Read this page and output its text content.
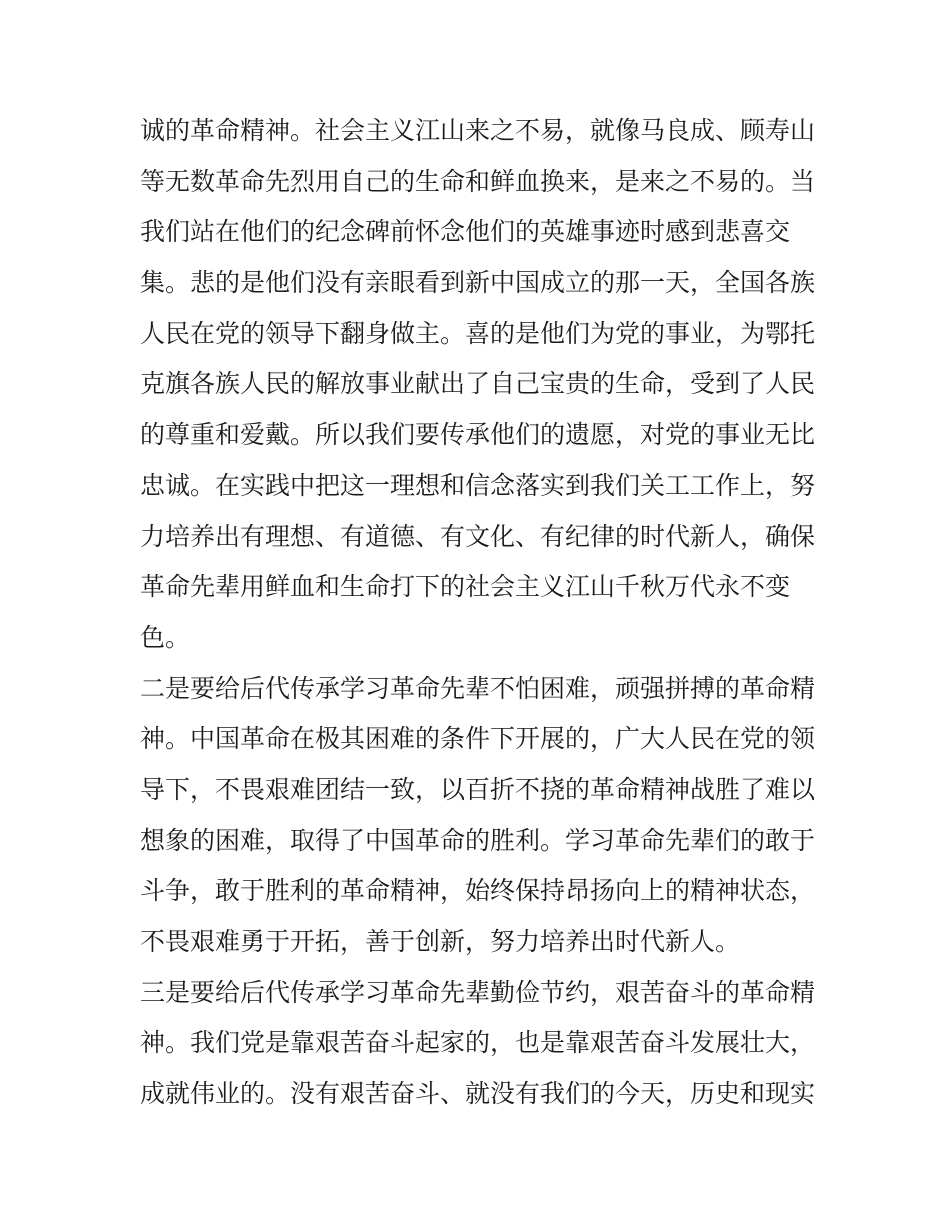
诚的革命精神。社会主义江山来之不易，就像马良成、顾寿山
等无数革命先烈用自己的生命和鲜血换来，是来之不易的。当
我们站在他们的纪念碑前怀念他们的英雄事迹时感到悲喜交
集。悲的是他们没有亲眼看到新中国成立的那一天，全国各族
人民在党的领导下翻身做主。喜的是他们为党的事业，为鄂托
克旗各族人民的解放事业献出了自己宝贵的生命，受到了人民
的尊重和爱戴。所以我们要传承他们的遗愿，对党的事业无比
忠诚。在实践中把这一理想和信念落实到我们关工工作上，努
力培养出有理想、有道德、有文化、有纪律的时代新人，确保
革命先辈用鲜血和生命打下的社会主义江山千秋万代永不变
色。
二是要给后代传承学习革命先辈不怕困难，顽强拼搏的革命精
神。中国革命在极其困难的条件下开展的，广大人民在党的领
导下，不畏艰难团结一致，以百折不挠的革命精神战胜了难以
想象的困难，取得了中国革命的胜利。学习革命先辈们的敢于
斗争，敢于胜利的革命精神，始终保持昂扬向上的精神状态，
不畏艰难勇于开拓，善于创新，努力培养出时代新人。
三是要给后代传承学习革命先辈勤俭节约，艰苦奋斗的革命精
神。我们党是靠艰苦奋斗起家的，也是靠艰苦奋斗发展壮大，
成就伟业的。没有艰苦奋斗、就没有我们的今天，历史和现实
